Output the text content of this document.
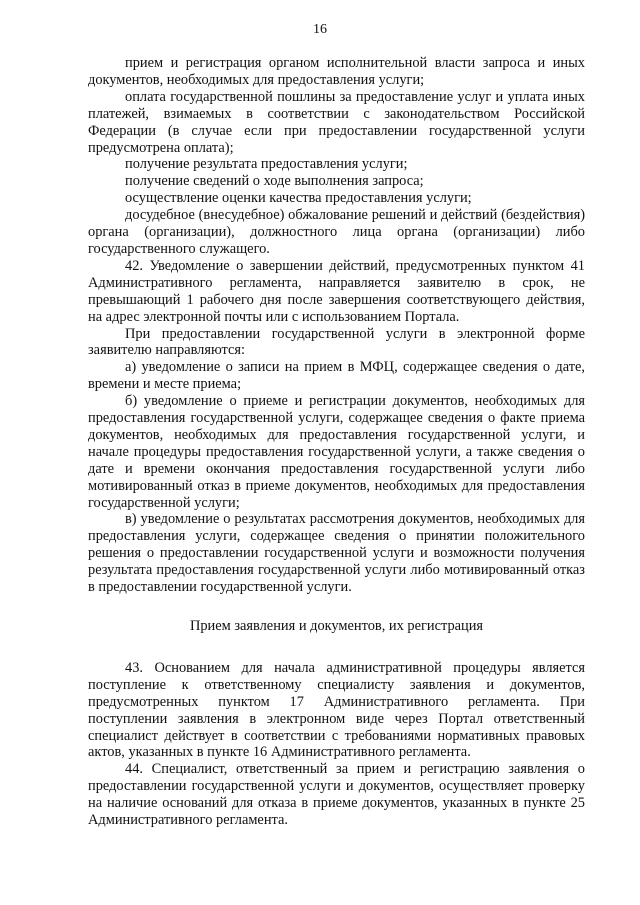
16

прием и регистрация органом исполнительной власти запроса и иных документов, необходимых для предоставления услуги;

оплата государственной пошлины за предоставление услуг и уплата иных платежей, взимаемых в соответствии с законодательством Российской Федерации (в случае если при предоставлении государственной услуги предусмотрена оплата);

получение результата предоставления услуги;

получение сведений о ходе выполнения запроса;

осуществление оценки качества предоставления услуги;

досудебное (внесудебное) обжалование решений и действий (бездействия) органа (организации), должностного лица органа (организации) либо государственного служащего.

42. Уведомление о завершении действий, предусмотренных пунктом 41 Административного регламента, направляется заявителю в срок, не превышающий 1 рабочего дня после завершения соответствующего действия, на адрес электронной почты или с использованием Портала.

При предоставлении государственной услуги в электронной форме заявителю направляются:

а) уведомление о записи на прием в МФЦ, содержащее сведения о дате, времени и месте приема;

б) уведомление о приеме и регистрации документов, необходимых для предоставления государственной услуги, содержащее сведения о факте приема документов, необходимых для предоставления государственной услуги, и начале процедуры предоставления государственной услуги, а также сведения о дате и времени окончания предоставления государственной услуги либо мотивированный отказ в приеме документов, необходимых для предоставления государственной услуги;

в) уведомление о результатах рассмотрения документов, необходимых для предоставления услуги, содержащее сведения о принятии положительного решения о предоставлении государственной услуги и возможности получения результата предоставления государственной услуги либо мотивированный отказ в предоставлении государственной услуги.

Прием заявления и документов, их регистрация

43. Основанием для начала административной процедуры является поступление к ответственному специалисту заявления и документов, предусмотренных пунктом 17 Административного регламента. При поступлении заявления в электронном виде через Портал ответственный специалист действует в соответствии с требованиями нормативных правовых актов, указанных в пункте 16 Административного регламента.

44. Специалист, ответственный за прием и регистрацию заявления о предоставлении государственной услуги и документов, осуществляет проверку на наличие оснований для отказа в приеме документов, указанных в пункте 25 Административного регламента.
